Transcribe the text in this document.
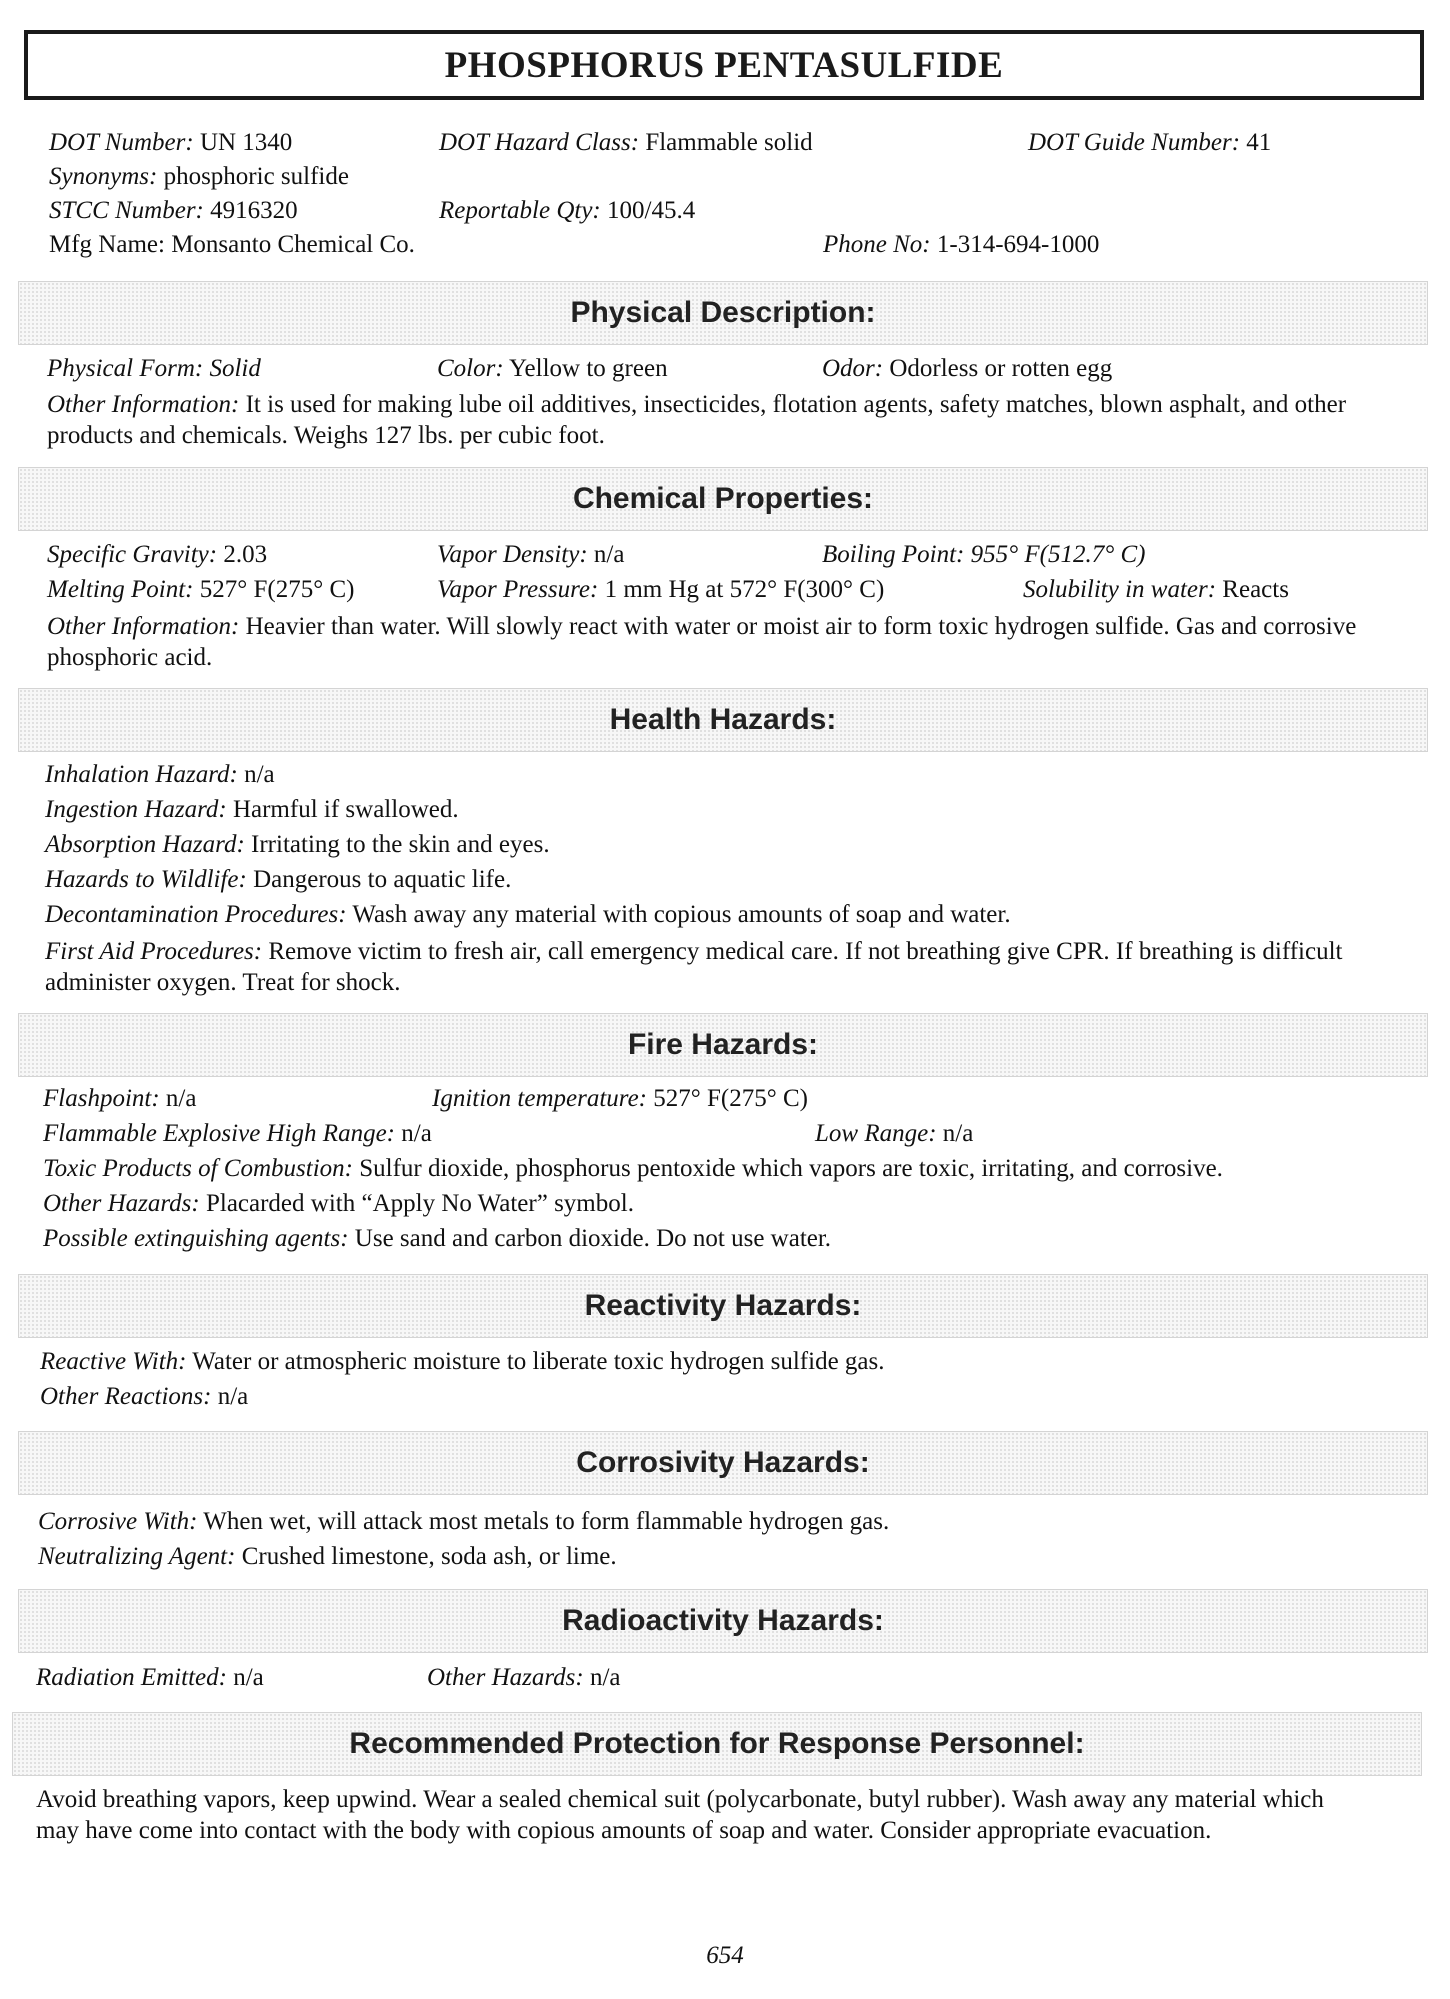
PHOSPHORUS PENTASULFIDE
DOT Number: UN 1340	DOT Hazard Class: Flammable solid	DOT Guide Number: 41
Synonyms: phosphoric sulfide
STCC Number: 4916320	Reportable Qty: 100/45.4
Mfg Name: Monsanto Chemical Co.	Phone No: 1-314-694-1000
Physical Description:
Physical Form: Solid	Color: Yellow to green	Odor: Odorless or rotten egg
Other Information: It is used for making lube oil additives, insecticides, flotation agents, safety matches, blown asphalt, and other products and chemicals. Weighs 127 lbs. per cubic foot.
Chemical Properties:
Specific Gravity: 2.03	Vapor Density: n/a	Boiling Point: 955° F(512.7° C)
Melting Point: 527° F(275° C)	Vapor Pressure: 1 mm Hg at 572° F(300° C)	Solubility in water: Reacts
Other Information: Heavier than water. Will slowly react with water or moist air to form toxic hydrogen sulfide. Gas and corrosive phosphoric acid.
Health Hazards:
Inhalation Hazard: n/a
Ingestion Hazard: Harmful if swallowed.
Absorption Hazard: Irritating to the skin and eyes.
Hazards to Wildlife: Dangerous to aquatic life.
Decontamination Procedures: Wash away any material with copious amounts of soap and water.
First Aid Procedures: Remove victim to fresh air, call emergency medical care. If not breathing give CPR. If breathing is difficult administer oxygen. Treat for shock.
Fire Hazards:
Flashpoint: n/a	Ignition temperature: 527° F(275° C)
Flammable Explosive High Range: n/a	Low Range: n/a
Toxic Products of Combustion: Sulfur dioxide, phosphorus pentoxide which vapors are toxic, irritating, and corrosive.
Other Hazards: Placarded with “Apply No Water” symbol.
Possible extinguishing agents: Use sand and carbon dioxide. Do not use water.
Reactivity Hazards:
Reactive With: Water or atmospheric moisture to liberate toxic hydrogen sulfide gas.
Other Reactions: n/a
Corrosivity Hazards:
Corrosive With: When wet, will attack most metals to form flammable hydrogen gas.
Neutralizing Agent: Crushed limestone, soda ash, or lime.
Radioactivity Hazards:
Radiation Emitted: n/a	Other Hazards: n/a
Recommended Protection for Response Personnel:
Avoid breathing vapors, keep upwind. Wear a sealed chemical suit (polycarbonate, butyl rubber). Wash away any material which may have come into contact with the body with copious amounts of soap and water. Consider appropriate evacuation.
654
